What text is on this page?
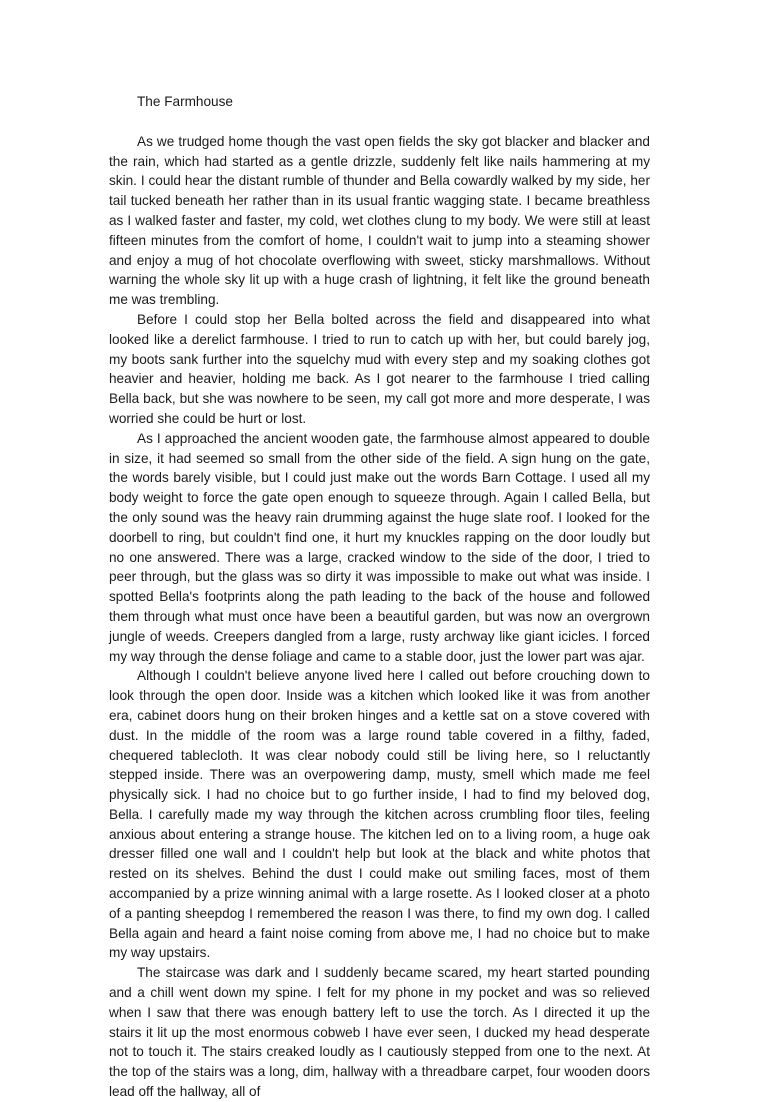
The Farmhouse

As we trudged home though the vast open fields the sky got blacker and blacker and the rain, which had started as a gentle drizzle, suddenly felt like nails hammering at my skin. I could hear the distant rumble of thunder and Bella cowardly walked by my side, her tail tucked beneath her rather than in its usual frantic wagging state. I became breathless as I walked faster and faster, my cold, wet clothes clung to my body. We were still at least fifteen minutes from the comfort of home, I couldn't wait to jump into a steaming shower and enjoy a mug of hot chocolate overflowing with sweet, sticky marshmallows. Without warning the whole sky lit up with a huge crash of lightning, it felt like the ground beneath me was trembling.

Before I could stop her Bella bolted across the field and disappeared into what looked like a derelict farmhouse. I tried to run to catch up with her, but could barely jog, my boots sank further into the squelchy mud with every step and my soaking clothes got heavier and heavier, holding me back. As I got nearer to the farmhouse I tried calling Bella back, but she was nowhere to be seen, my call got more and more desperate, I was worried she could be hurt or lost.

As I approached the ancient wooden gate, the farmhouse almost appeared to double in size, it had seemed so small from the other side of the field. A sign hung on the gate, the words barely visible, but I could just make out the words Barn Cottage. I used all my body weight to force the gate open enough to squeeze through. Again I called Bella, but the only sound was the heavy rain drumming against the huge slate roof. I looked for the doorbell to ring, but couldn't find one, it hurt my knuckles rapping on the door loudly but no one answered. There was a large, cracked window to the side of the door, I tried to peer through, but the glass was so dirty it was impossible to make out what was inside. I spotted Bella's footprints along the path leading to the back of the house and followed them through what must once have been a beautiful garden, but was now an overgrown jungle of weeds. Creepers dangled from a large, rusty archway like giant icicles. I forced my way through the dense foliage and came to a stable door, just the lower part was ajar.

Although I couldn't believe anyone lived here I called out before crouching down to look through the open door. Inside was a kitchen which looked like it was from another era, cabinet doors hung on their broken hinges and a kettle sat on a stove covered with dust. In the middle of the room was a large round table covered in a filthy, faded, chequered tablecloth. It was clear nobody could still be living here, so I reluctantly stepped inside. There was an overpowering damp, musty, smell which made me feel physically sick. I had no choice but to go further inside, I had to find my beloved dog, Bella. I carefully made my way through the kitchen across crumbling floor tiles, feeling anxious about entering a strange house. The kitchen led on to a living room, a huge oak dresser filled one wall and I couldn't help but look at the black and white photos that rested on its shelves. Behind the dust I could make out smiling faces, most of them accompanied by a prize winning animal with a large rosette. As I looked closer at a photo of a panting sheepdog I remembered the reason I was there, to find my own dog. I called Bella again and heard a faint noise coming from above me, I had no choice but to make my way upstairs.

The staircase was dark and I suddenly became scared, my heart started pounding and a chill went down my spine. I felt for my phone in my pocket and was so relieved when I saw that there was enough battery left to use the torch. As I directed it up the stairs it lit up the most enormous cobweb I have ever seen, I ducked my head desperate not to touch it. The stairs creaked loudly as I cautiously stepped from one to the next. At the top of the stairs was a long, dim, hallway with a threadbare carpet, four wooden doors lead off the hallway, all of
